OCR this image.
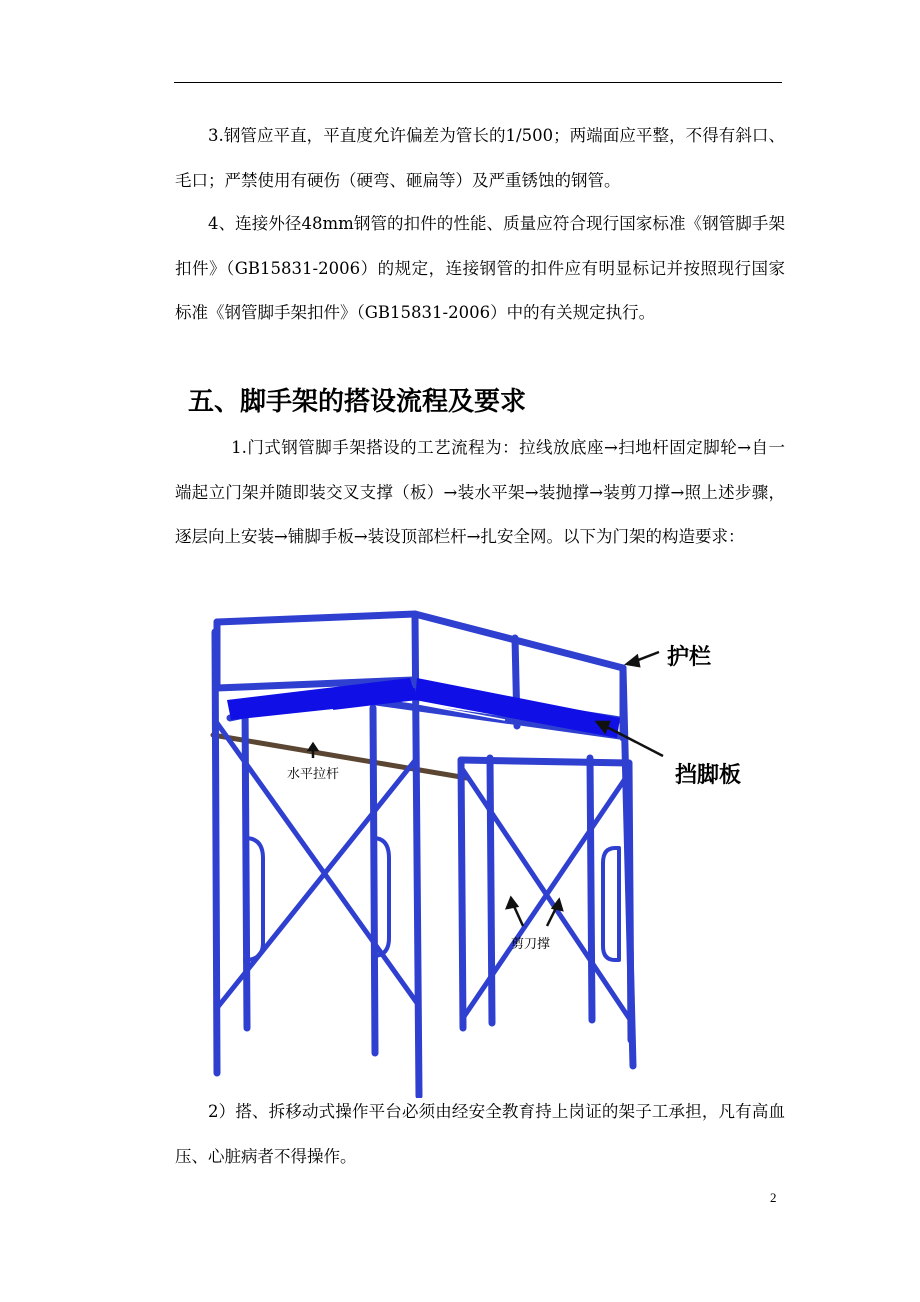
3.钢管应平直，平直度允许偏差为管长的1/500；两端面应平整，不得有斜口、毛口；严禁使用有硬伤（硬弯、砸扁等）及严重锈蚀的钢管。

4、连接外径48mm钢管的扣件的性能、质量应符合现行国家标准《钢管脚手架扣件》（GB15831-2006）的规定，连接钢管的扣件应有明显标记并按照现行国家标准《钢管脚手架扣件》（GB15831-2006）中的有关规定执行。

五、脚手架的搭设流程及要求

1.门式钢管脚手架搭设的工艺流程为：拉线放底座→扫地杆固定脚轮→自一端起立门架并随即装交叉支撑（板）→装水平架→装抛撑→装剪刀撑→照上述步骤，逐层向上安装→铺脚手板→装设顶部栏杆→扎安全网。以下为门架的构造要求：

护栏
挡脚板
水平拉杆
剪刀撑

2）搭、拆移动式操作平台必须由经安全教育持上岗证的架子工承担，凡有高血压、心脏病者不得操作。

2
